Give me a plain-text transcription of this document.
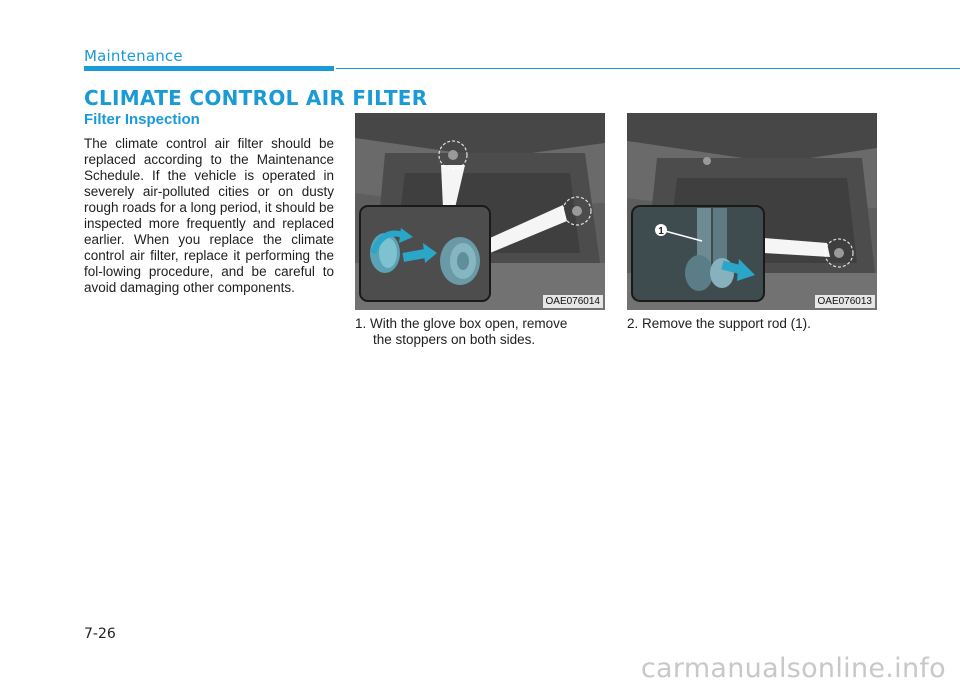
Maintenance
CLIMATE CONTROL AIR FILTER
Filter Inspection
The climate control air filter should be replaced according to the Maintenance Schedule. If the vehicle is operated in severely air-polluted cities or on dusty rough roads for a long period, it should be inspected more frequently and replaced earlier. When you replace the climate control air filter, replace it performing the fol-lowing procedure, and be careful to avoid damaging other components.
OAE076014
1
OAE076013
1. With the glove box open, remove
the stoppers on both sides.
2. Remove the support rod (1).
7-26
carmanualsonline.info
